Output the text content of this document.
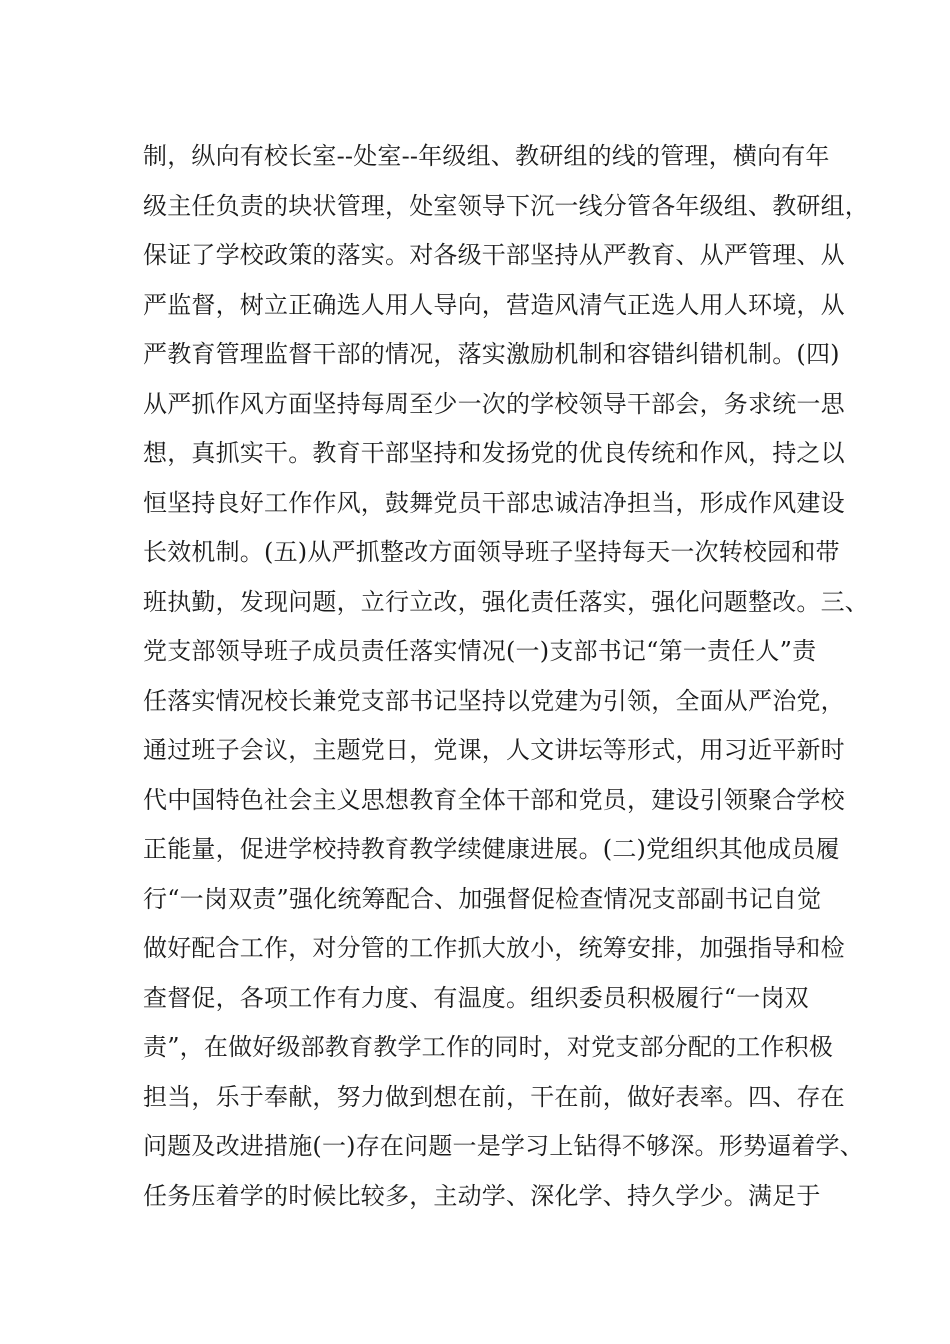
制，纵向有校长室--处室--年级组、教研组的线的管理，横向有年
级主任负责的块状管理，处室领导下沉一线分管各年级组、教研组，
保证了学校政策的落实。对各级干部坚持从严教育、从严管理、从
严监督，树立正确选人用人导向，营造风清气正选人用人环境，从
严教育管理监督干部的情况，落实激励机制和容错纠错机制。(四)
从严抓作风方面坚持每周至少一次的学校领导干部会，务求统一思
想，真抓实干。教育干部坚持和发扬党的优良传统和作风，持之以
恒坚持良好工作作风，鼓舞党员干部忠诚洁净担当，形成作风建设
长效机制。(五)从严抓整改方面领导班子坚持每天一次转校园和带
班执勤，发现问题，立行立改，强化责任落实，强化问题整改。三、
党支部领导班子成员责任落实情况(一)支部书记“第一责任人”责
任落实情况校长兼党支部书记坚持以党建为引领，全面从严治党，
通过班子会议，主题党日，党课，人文讲坛等形式，用习近平新时
代中国特色社会主义思想教育全体干部和党员，建设引领聚合学校
正能量，促进学校持教育教学续健康进展。(二)党组织其他成员履
行“一岗双责”强化统筹配合、加强督促检查情况支部副书记自觉
做好配合工作，对分管的工作抓大放小，统筹安排，加强指导和检
查督促，各项工作有力度、有温度。组织委员积极履行“一岗双
责”，在做好级部教育教学工作的同时，对党支部分配的工作积极
担当，乐于奉献，努力做到想在前，干在前，做好表率。四、存在
问题及改进措施(一)存在问题一是学习上钻得不够深。形势逼着学、
任务压着学的时候比较多，主动学、深化学、持久学少。满足于
